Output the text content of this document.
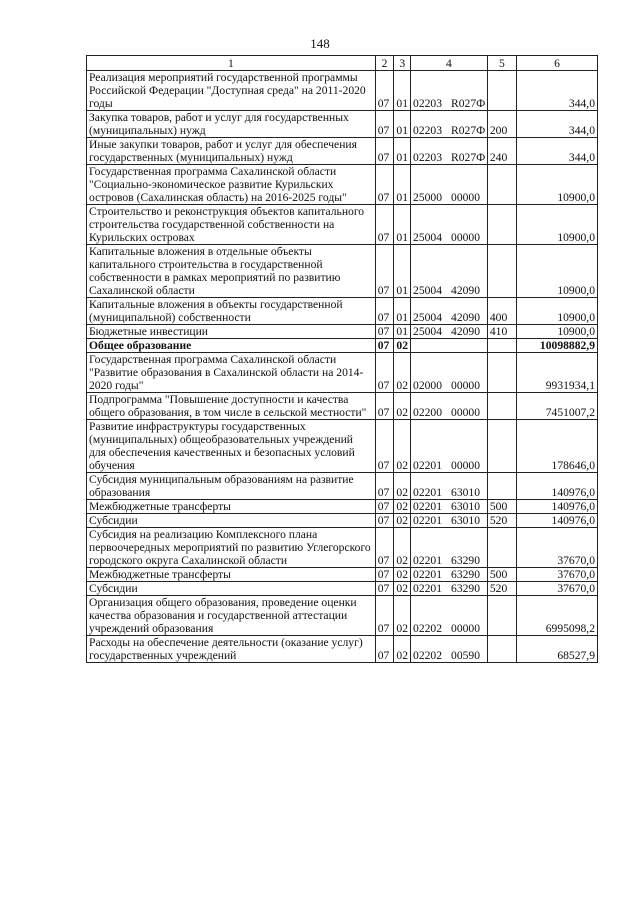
148
1	2	3	4	5	6
Реализация мероприятий государственной программы Российской Федерации "Доступная среда" на 2011-2020 годы	07	01	02203 R027Ф		344,0
Закупка товаров, работ и услуг для государственных (муниципальных) нужд	07	01	02203 R027Ф	200	344,0
Иные закупки товаров, работ и услуг для обеспечения государственных (муниципальных) нужд	07	01	02203 R027Ф	240	344,0
Государственная программа Сахалинской области "Социально-экономическое развитие Курильских островов (Сахалинская область) на 2016-2025 годы"	07	01	25000 00000		10900,0
Строительство и реконструкция объектов капитального строительства государственной собственности на Курильских островах	07	01	25004 00000		10900,0
Капитальные вложения в отдельные объекты капитального строительства в государственной собственности в рамках мероприятий по развитию Сахалинской области	07	01	25004 42090		10900,0
Капитальные вложения в объекты государственной (муниципальной) собственности	07	01	25004 42090	400	10900,0
Бюджетные инвестиции	07	01	25004 42090	410	10900,0
Общее образование	07	02			10098882,9
Государственная программа Сахалинской области "Развитие образования в Сахалинской области на 2014-2020 годы"	07	02	02000 00000		9931934,1
Подпрограмма "Повышение доступности и качества общего образования, в том числе в сельской местности"	07	02	02200 00000		7451007,2
Развитие инфраструктуры государственных (муниципальных) общеобразовательных учреждений для обеспечения качественных и безопасных условий обучения	07	02	02201 00000		178646,0
Субсидия муниципальным образованиям на развитие образования	07	02	02201 63010		140976,0
Межбюджетные трансферты	07	02	02201 63010	500	140976,0
Субсидии	07	02	02201 63010	520	140976,0
Субсидия на реализацию Комплексного плана первоочередных мероприятий по развитию Углегорского городского округа Сахалинской области	07	02	02201 63290		37670,0
Межбюджетные трансферты	07	02	02201 63290	500	37670,0
Субсидии	07	02	02201 63290	520	37670,0
Организация общего образования, проведение оценки качества образования и государственной аттестации учреждений образования	07	02	02202 00000		6995098,2
Расходы на обеспечение деятельности (оказание услуг) государственных учреждений	07	02	02202 00590		68527,9
